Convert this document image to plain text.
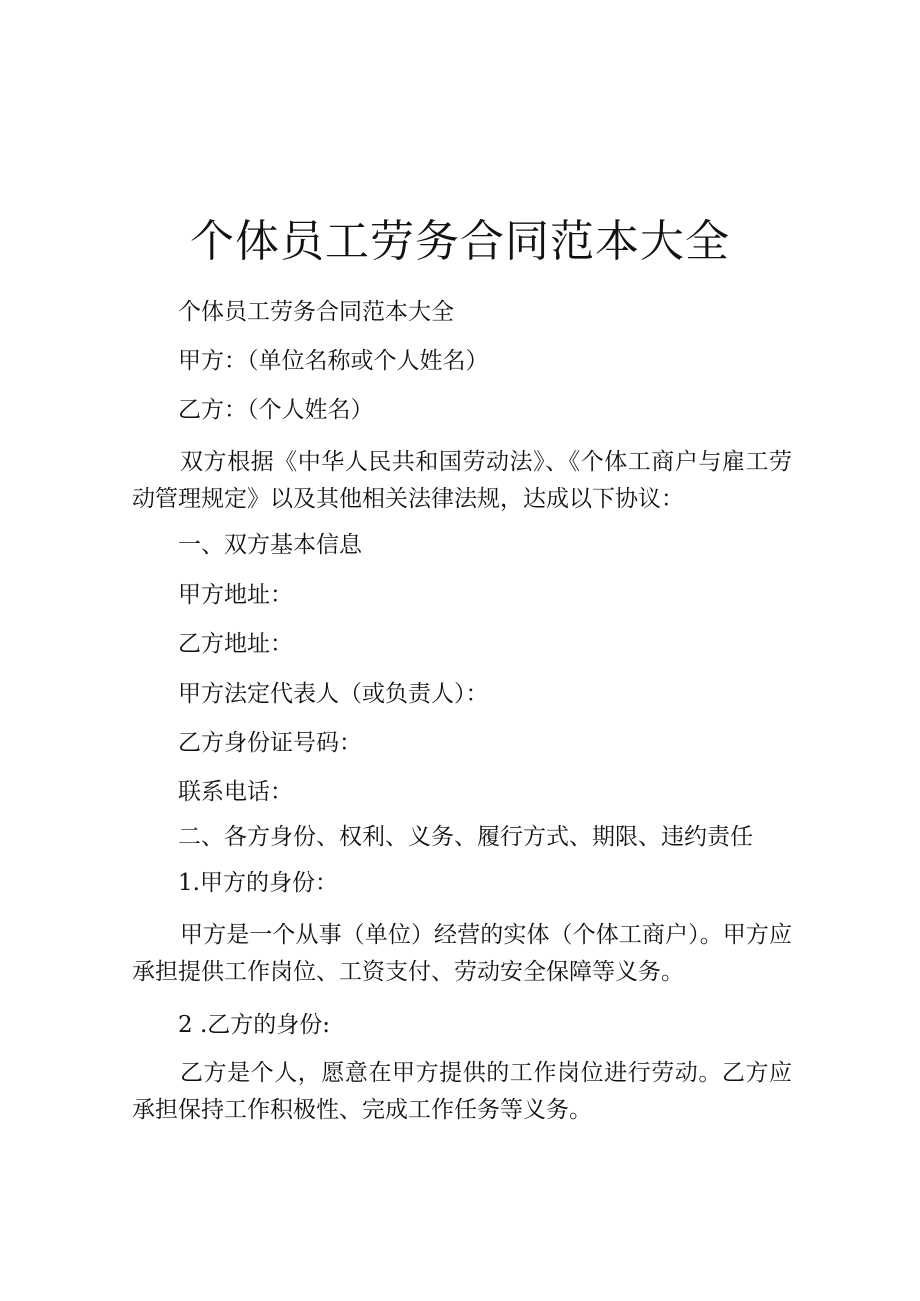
个体员工劳务合同范本大全
个体员工劳务合同范本大全
甲方：（单位名称或个人姓名）
乙方：（个人姓名）
双方根据《中华人民共和国劳动法》、《个体工商户与雇工劳动管理规定》以及其他相关法律法规，达成以下协议：
一、双方基本信息
甲方地址：
乙方地址：
甲方法定代表人（或负责人）：
乙方身份证号码：
联系电话：
二、各方身份、权利、义务、履行方式、期限、违约责任
1.甲方的身份：
甲方是一个从事（单位）经营的实体（个体工商户）。甲方应承担提供工作岗位、工资支付、劳动安全保障等义务。
2 .乙方的身份:
乙方是个人，愿意在甲方提供的工作岗位进行劳动。乙方应承担保持工作积极性、完成工作任务等义务。
